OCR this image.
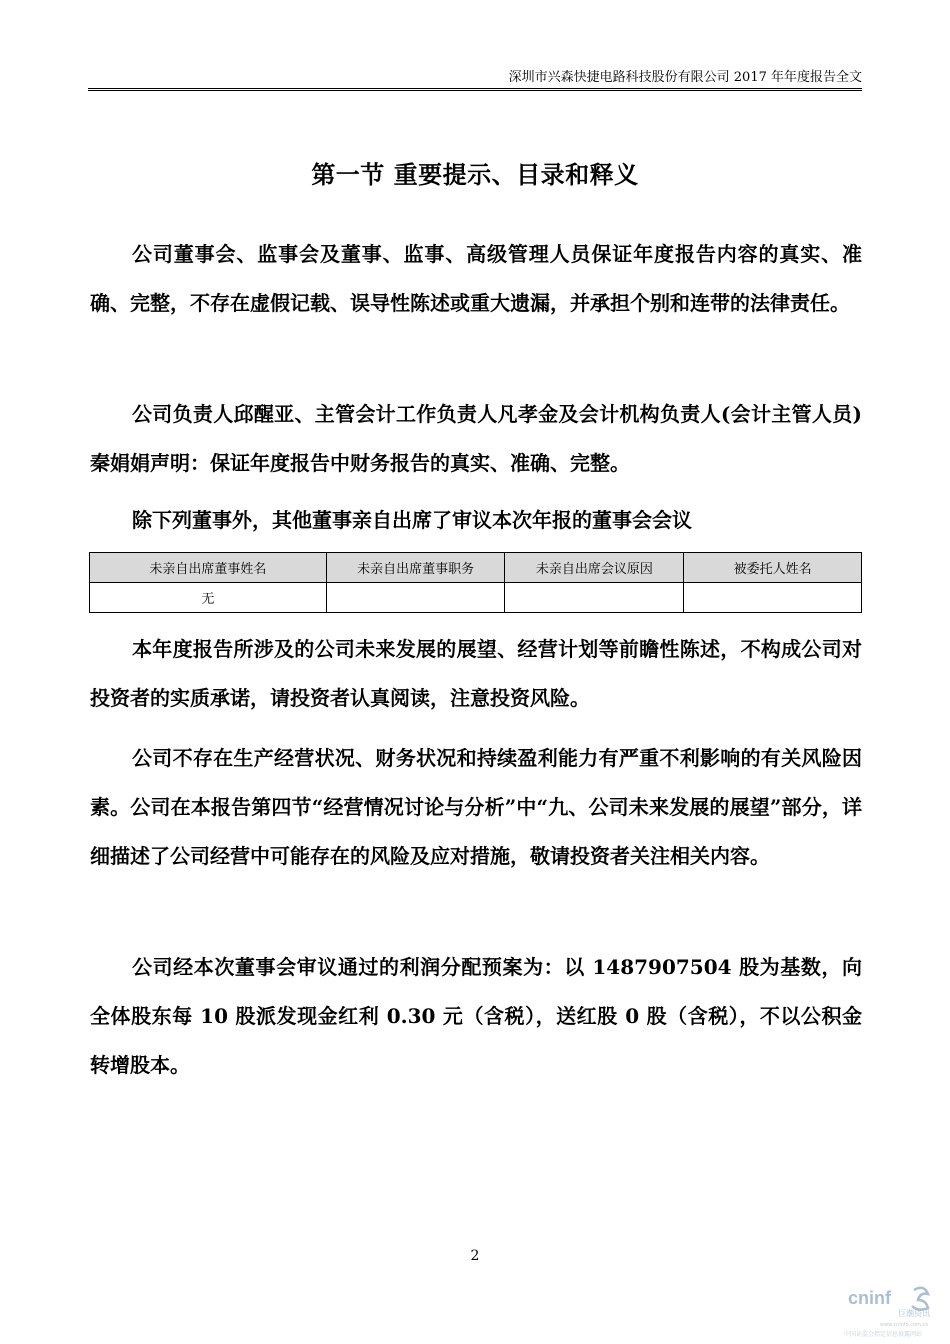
深圳市兴森快捷电路科技股份有限公司 2017 年年度报告全文
第一节 重要提示、目录和释义

公司董事会、监事会及董事、监事、高级管理人员保证年度报告内容的真实、准确、完整，不存在虚假记载、误导性陈述或重大遗漏，并承担个别和连带的法律责任。

公司负责人邱醒亚、主管会计工作负责人凡孝金及会计机构负责人(会计主管人员)秦娟娟声明：保证年度报告中财务报告的真实、准确、完整。

除下列董事外，其他董事亲自出席了审议本次年报的董事会会议

未亲自出席董事姓名	未亲自出席董事职务	未亲自出席会议原因	被委托人姓名
无			

本年度报告所涉及的公司未来发展的展望、经营计划等前瞻性陈述，不构成公司对投资者的实质承诺，请投资者认真阅读，注意投资风险。

公司不存在生产经营状况、财务状况和持续盈利能力有严重不利影响的有关风险因素。公司在本报告第四节“经营情况讨论与分析”中“九、公司未来发展的展望”部分，详细描述了公司经营中可能存在的风险及应对措施，敬请投资者关注相关内容。

公司经本次董事会审议通过的利润分配预案为：以 1487907504 股为基数，向全体股东每 10 股派发现金红利 0.30 元（含税），送红股 0 股（含税），不以公积金转增股本。

2
cninf
巨潮资讯
www.cninfo.com.cn
中国证监会指定信息披露网站
